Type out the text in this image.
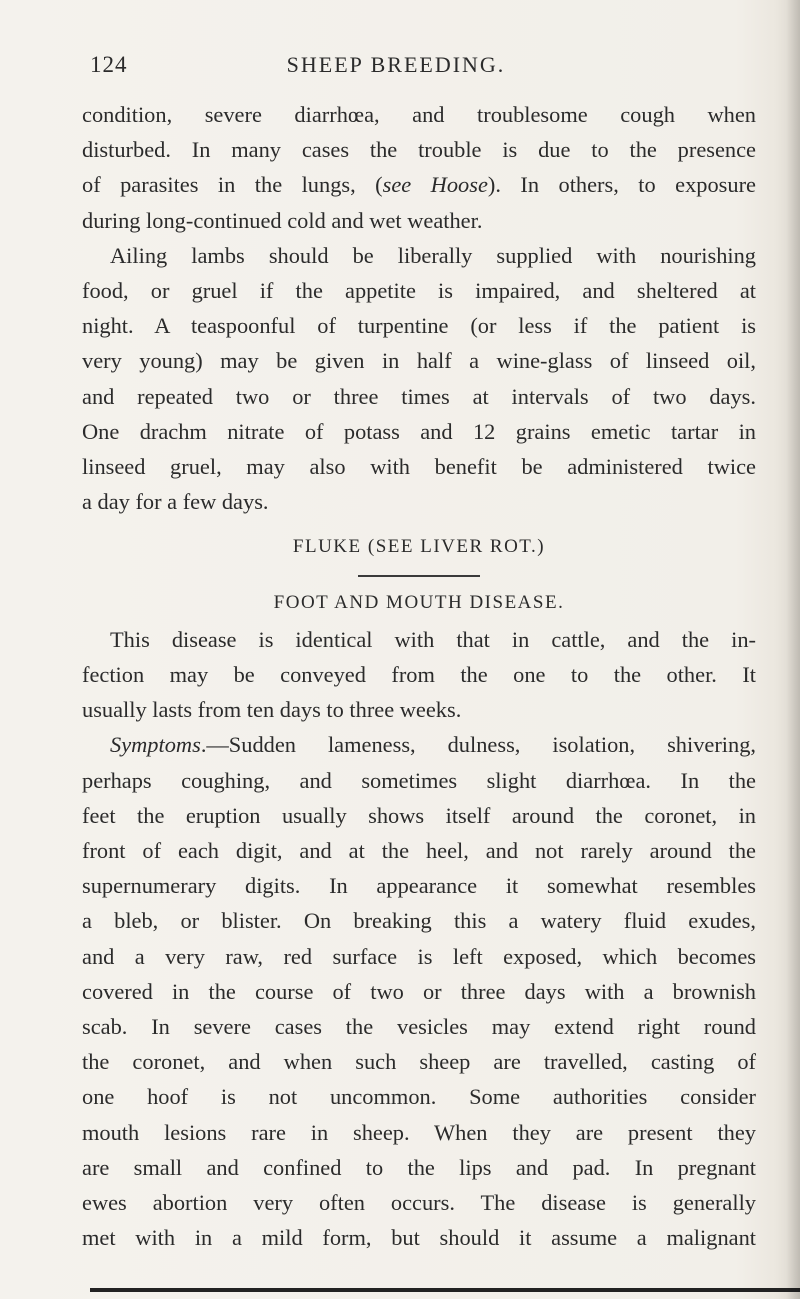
124	SHEEP BREEDING.
condition, severe diarrhœa, and troublesome cough when
disturbed. In many cases the trouble is due to the presence
of parasites in the lungs, (see Hoose). In others, to exposure
during long-continued cold and wet weather.
Ailing lambs should be liberally supplied with nourishing
food, or gruel if the appetite is impaired, and sheltered at
night. A teaspoonful of turpentine (or less if the patient is
very young) may be given in half a wine-glass of linseed oil,
and repeated two or three times at intervals of two days.
One drachm nitrate of potass and 12 grains emetic tartar in
linseed gruel, may also with benefit be administered twice
a day for a few days.
FLUKE (SEE LIVER ROT.)
FOOT AND MOUTH DISEASE.
This disease is identical with that in cattle, and the in-
fection may be conveyed from the one to the other. It
usually lasts from ten days to three weeks.
Symptoms.—Sudden lameness, dulness, isolation, shivering,
perhaps coughing, and sometimes slight diarrhœa. In the
feet the eruption usually shows itself around the coronet, in
front of each digit, and at the heel, and not rarely around the
supernumerary digits. In appearance it somewhat resembles
a bleb, or blister. On breaking this a watery fluid exudes,
and a very raw, red surface is left exposed, which becomes
covered in the course of two or three days with a brownish
scab. In severe cases the vesicles may extend right round
the coronet, and when such sheep are travelled, casting of
one hoof is not uncommon. Some authorities consider
mouth lesions rare in sheep. When they are present they
are small and confined to the lips and pad. In pregnant
ewes abortion very often occurs. The disease is generally
met with in a mild form, but should it assume a malignant
